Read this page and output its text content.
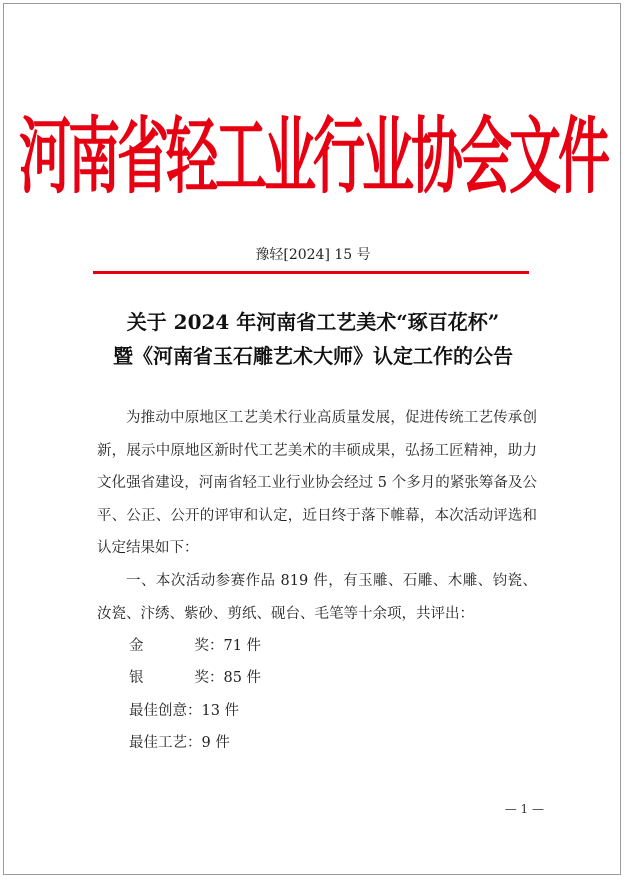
河南省轻工业行业协会文件
豫轻[2024] 15 号
关于 2024 年河南省工艺美术“琢百花杯”
暨《河南省玉石雕艺术大师》认定工作的公告
为推动中原地区工艺美术行业高质量发展，促进传统工艺传承创新，展示中原地区新时代工艺美术的丰硕成果，弘扬工匠精神，助力文化强省建设，河南省轻工业行业协会经过 5 个多月的紧张筹备及公平、公正、公开的评审和认定，近日终于落下帷幕，本次活动评选和认定结果如下：
一、本次活动参赛作品 819 件，有玉雕、石雕、木雕、钧瓷、汝瓷、汴绣、紫砂、剪纸、砚台、毛笔等十余项，共评出：
金奖：71 件
银奖：85 件
最佳创意：13 件
最佳工艺：9 件
— 1 —
